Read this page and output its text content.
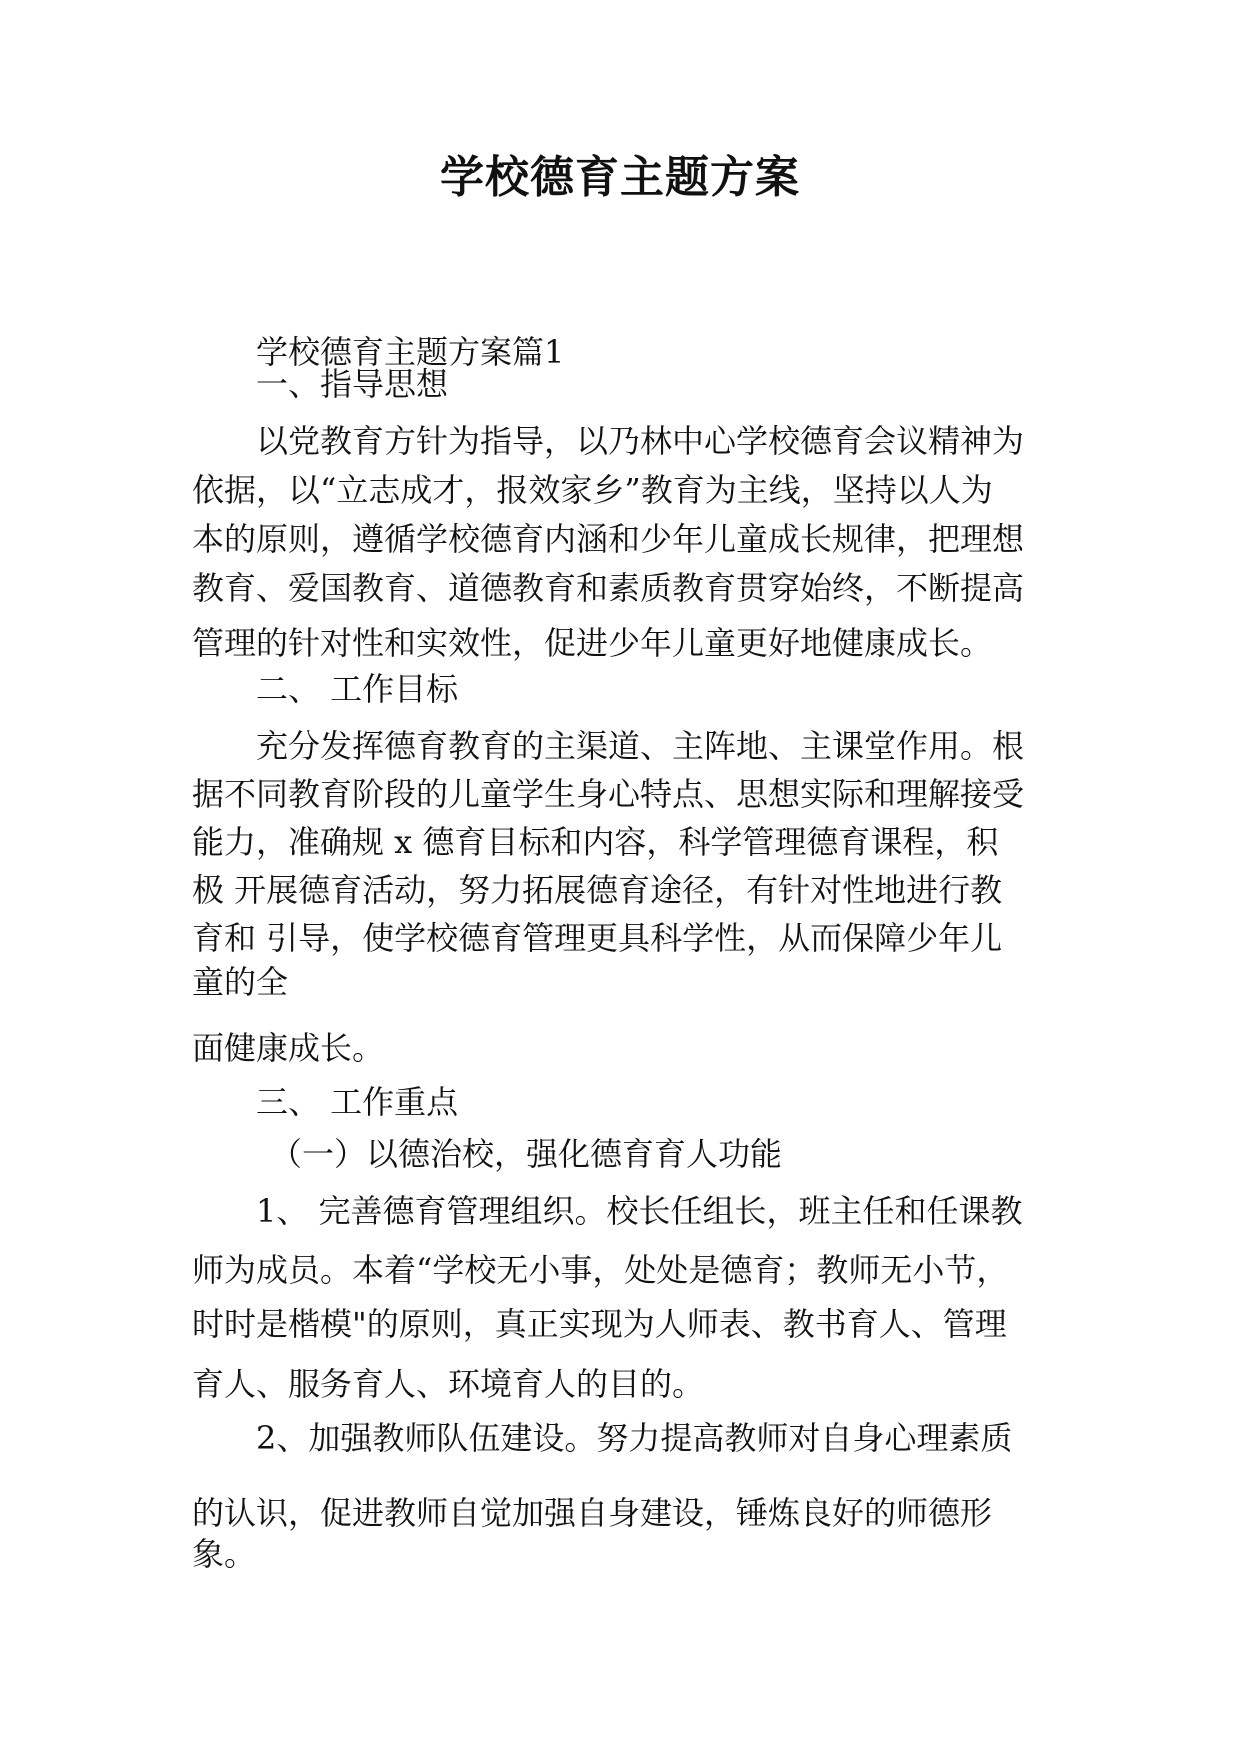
学校德育主题方案
学校德育主题方案篇1
一、指导思想
以党教育方针为指导，以乃林中心学校德育会议精神为
依据，以“立志成才，报效家乡”教育为主线，坚持以人为
本的原则，遵循学校德育内涵和少年儿童成长规律，把理想
教育、爱国教育、道德教育和素质教育贯穿始终，不断提高
管理的针对性和实效性，促进少年儿童更好地健康成长。
二、 工作目标
充分发挥德育教育的主渠道、主阵地、主课堂作用。根
据不同教育阶段的儿童学生身心特点、思想实际和理解接受
能力，准确规 x 德育目标和内容，科学管理德育课程，积
极 开展德育活动，努力拓展德育途径，有针对性地进行教
育和 引导，使学校德育管理更具科学性，从而保障少年儿
童的全
面健康成长。
三、 工作重点
（一）以德治校，强化德育育人功能
1、 完善德育管理组织。校长任组长，班主任和任课教
师为成员。本着“学校无小事，处处是德育；教师无小节，
时时是楷模"的原则，真正实现为人师表、教书育人、管理
育人、服务育人、环境育人的目的。
2、加强教师队伍建设。努力提高教师对自身心理素质
的认识，促进教师自觉加强自身建设，锤炼良好的师德形
象。
